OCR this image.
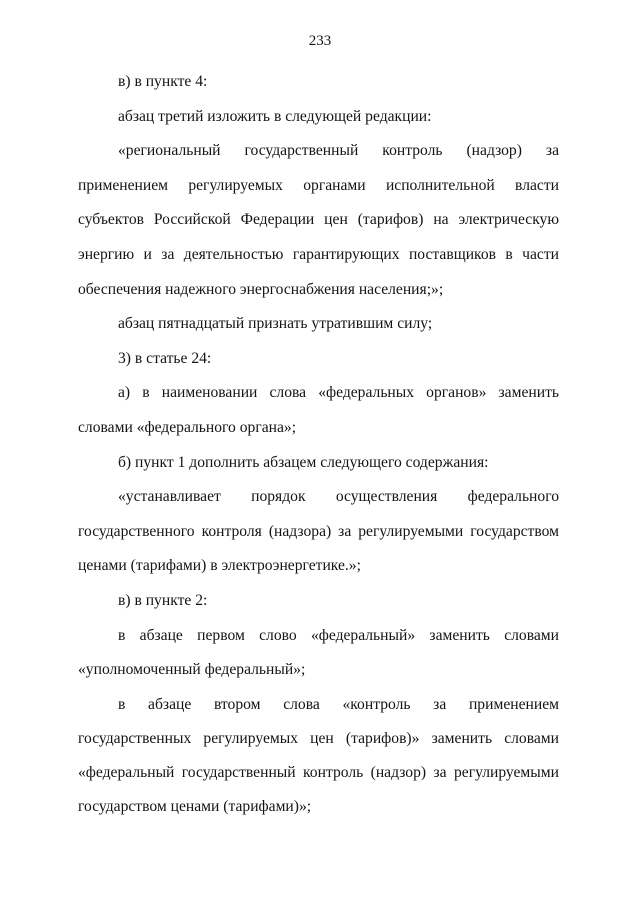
233

в) в пункте 4:

абзац третий изложить в следующей редакции:

«региональный государственный контроль (надзор) за применением регулируемых органами исполнительной власти субъектов Российской Федерации цен (тарифов) на электрическую энергию и за деятельностью гарантирующих поставщиков в части обеспечения надежного энергоснабжения населения;»;

абзац пятнадцатый признать утратившим силу;

3) в статье 24:

а) в наименовании слова «федеральных органов» заменить словами «федерального органа»;

б) пункт 1 дополнить абзацем следующего содержания:

«устанавливает порядок осуществления федерального государственного контроля (надзора) за регулируемыми государством ценами (тарифами) в электроэнергетике.»;

в) в пункте 2:

в абзаце первом слово «федеральный» заменить словами «уполномоченный федеральный»;

в абзаце втором слова «контроль за применением государственных регулируемых цен (тарифов)» заменить словами «федеральный государственный контроль (надзор) за регулируемыми государством ценами (тарифами)»;
